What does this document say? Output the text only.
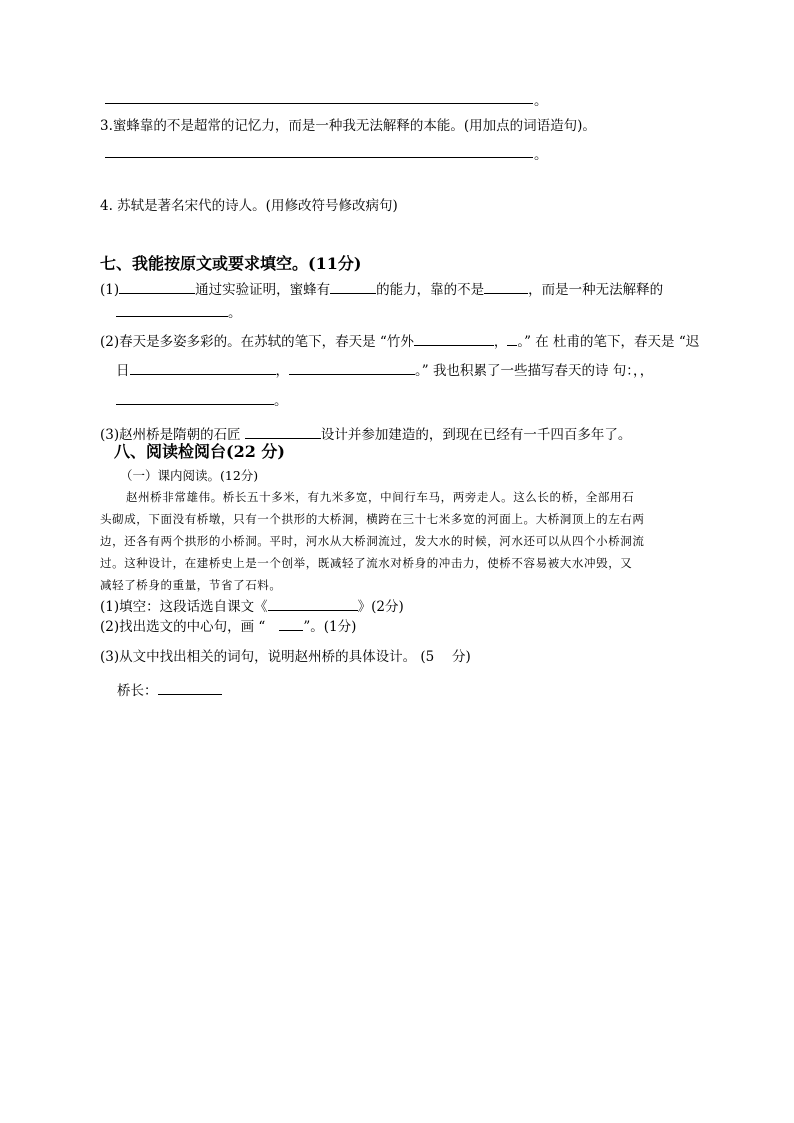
。
3.蜜蜂靠的不是超常的记忆力，而是一种我无法解释的本能。(用加点的词语造句)。
。
4. 苏轼是著名宋代的诗人。(用修改符号修改病句)
七、我能按原文或要求填空。(11分)
(1)	通过实验证明，蜜蜂有	的能力，靠的不是	，而是一种无法解释的
。
(2)春天是多姿多彩的。在苏轼的笔下，春天是 “竹外	， 。” 在 杜甫的笔下，春天是 “迟
日	，	。” 我也积累了一些描写春天的诗 句：，，
。
(3)赵州桥是隋朝的石匠	设计并参加建造的，到现在已经有一千四百多年了。
八、阅读检阅台(22 分)
（一）课内阅读。(12分)
赵州桥非常雄伟。桥长五十多米，有九米多宽，中间行车马，两旁走人。这么长的桥，全部用石
头砌成，下面没有桥墩，只有一个拱形的大桥洞，横跨在三十七米多宽的河面上。大桥洞顶上的左右两
边，还各有两个拱形的小桥洞。平时，河水从大桥洞流过，发大水的时候，河水还可以从四个小桥洞流
过。这种设计，在建桥史上是一个创举，既减轻了流水对桥身的冲击力，使桥不容易被大水冲毁，又
减轻了桥身的重量，节省了石料。
(1)填空：这段话选自课文《	》(2分)
(2)找出选文的中心句，画 “	”。(1分)
(3)从文中找出相关的词句，说明赵州桥的具体设计。 (5　 分)
桥长：
